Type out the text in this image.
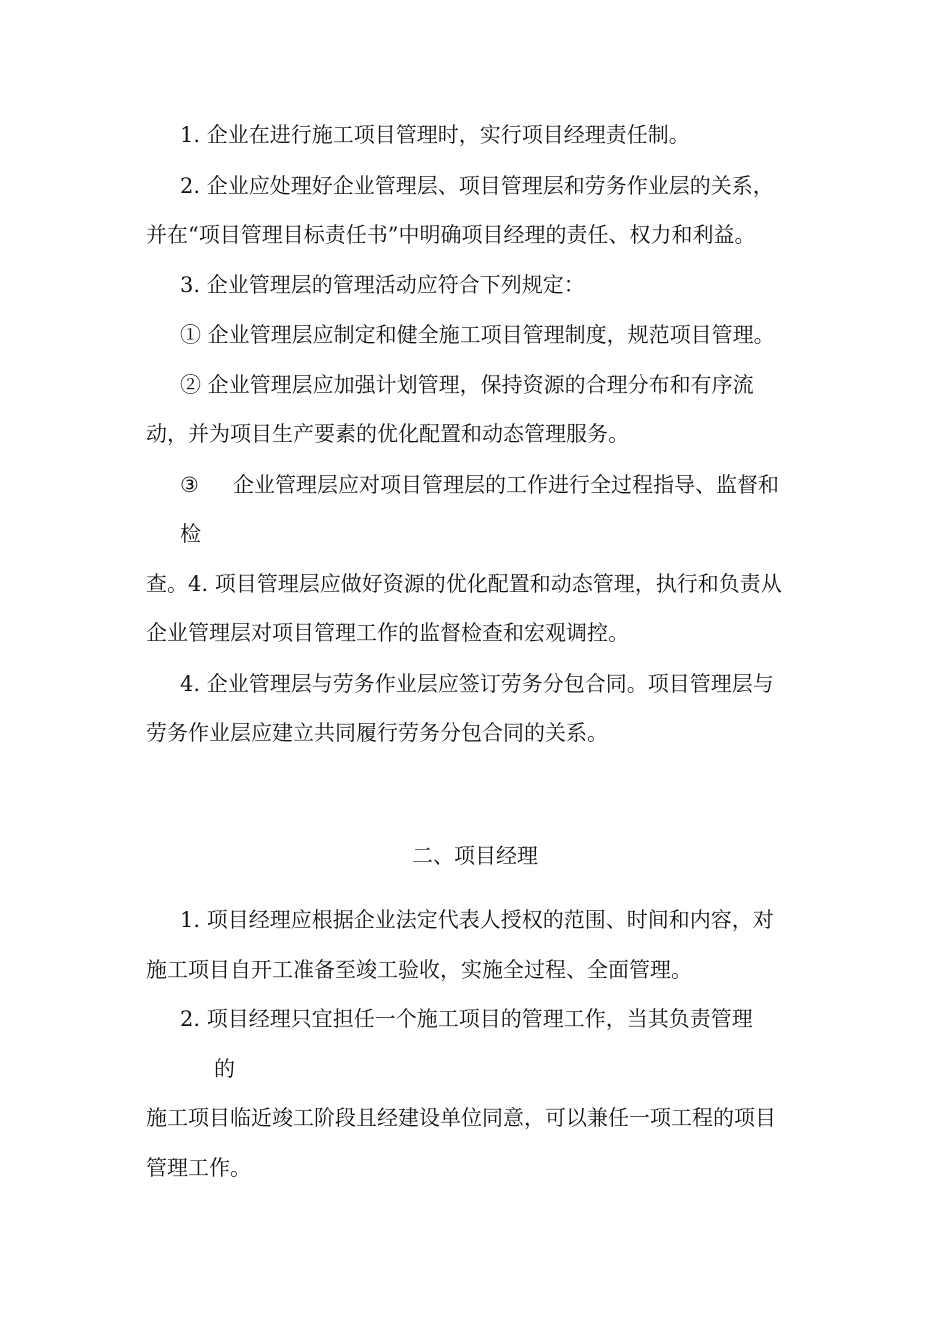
1. 企业在进行施工项目管理时，实行项目经理责任制。

2. 企业应处理好企业管理层、项目管理层和劳务作业层的关系，

并在“项目管理目标责任书”中明确项目经理的责任、权力和利益。

3. 企业管理层的管理活动应符合下列规定：

① 企业管理层应制定和健全施工项目管理制度，规范项目管理。

② 企业管理层应加强计划管理，保持资源的合理分布和有序流

动，并为项目生产要素的优化配置和动态管理服务。

③ 企业管理层应对项目管理层的工作进行全过程指导、监督和

检

查。4. 项目管理层应做好资源的优化配置和动态管理，执行和负责从

企业管理层对项目管理工作的监督检查和宏观调控。

4. 企业管理层与劳务作业层应签订劳务分包合同。项目管理层与

劳务作业层应建立共同履行劳务分包合同的关系。

二、项目经理

1. 项目经理应根据企业法定代表人授权的范围、时间和内容，对

施工项目自开工准备至竣工验收，实施全过程、全面管理。

2. 项目经理只宜担任一个施工项目的管理工作，当其负责管理

的

施工项目临近竣工阶段且经建设单位同意，可以兼任一项工程的项目

管理工作。
